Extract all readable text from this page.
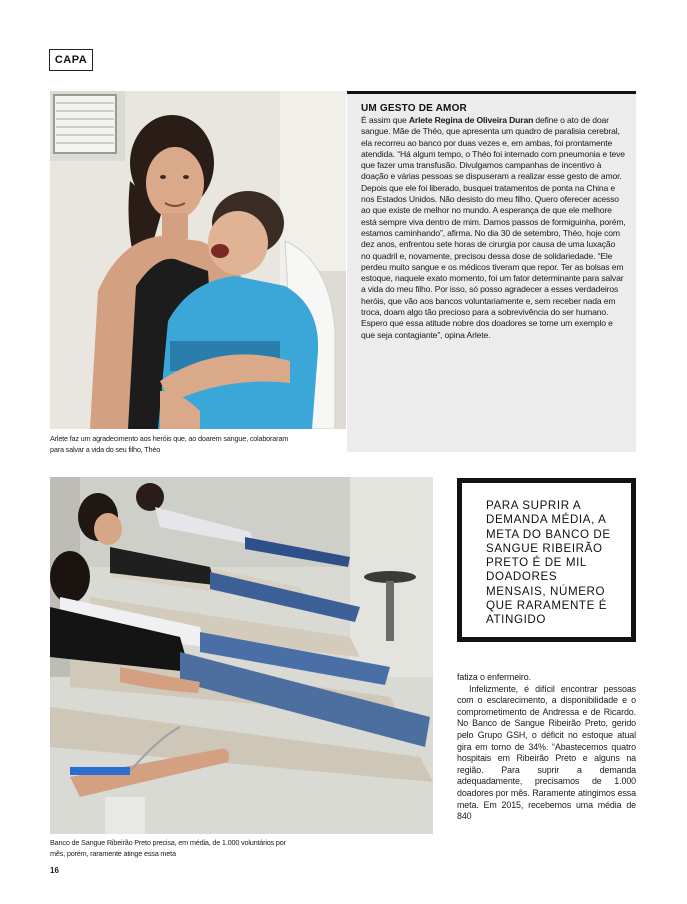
CAPA
Arlete faz um agradecimento aos heróis que, ao doarem sangue, colaboraram para salvar a vida do seu filho, Théo
UM GESTO DE AMOR

É assim que Arlete Regina de Oliveira Duran define o ato de doar sangue. Mãe de Théo, que apresenta um quadro de paralisia cerebral, ela recorreu ao banco por duas vezes e, em ambas, foi prontamente atendida. “Há algum tempo, o Théo foi internado com pneumonia e teve que fazer uma transfusão. Divulgamos campanhas de incentivo à doação e várias pessoas se dispuseram a realizar esse gesto de amor. Depois que ele foi liberado, busquei tratamentos de ponta na China e nos Estados Unidos. Não desisto do meu filho. Quero oferecer acesso ao que existe de melhor no mundo. A esperança de que ele melhore está sempre viva dentro de mim. Damos passos de formiguinha, porém, estamos caminhando”, afirma. No dia 30 de setembro, Théo, hoje com dez anos, enfrentou sete horas de cirurgia por causa de uma luxação no quadril e, novamente, precisou dessa dose de solidariedade. “Ele perdeu muito sangue e os médicos tiveram que repor. Ter as bolsas em estoque, naquele exato momento, foi um fator determinante para salvar a vida do meu filho. Por isso, só posso agradecer a esses verdadeiros heróis, que vão aos bancos voluntariamente e, sem receber nada em troca, doam algo tão precioso para a sobrevivência do ser humano. Espero que essa atitude nobre dos doadores se torne um exemplo e que seja contagiante”, opina Arlete.

Banco de Sangue Ribeirão Preto precisa, em média, de 1.000 voluntários por mês, porém, raramente atinge essa meta
PARA SUPRIR A DEMANDA MÉDIA, A META DO BANCO DE SANGUE RIBEIRÃO PRETO É DE MIL DOADORES MENSAIS, NÚMERO QUE RARAMENTE É ATINGIDO

fatiza o enfermeiro.

Infelizmente, é difícil encontrar pessoas com o esclarecimento, a disponibilidade e o comprometimento de Andressa e de Ricardo. No Banco de Sangue Ribeirão Preto, gerido pelo Grupo GSH, o déficit no estoque atual gira em torno de 34%. “Abastecemos quatro hospitais em Ribeirão Preto e alguns na região. Para suprir a demanda adequadamente, precisamos de 1.000 doadores por mês. Raramente atingimos essa meta. Em 2015, recebemos uma média de 840

16
